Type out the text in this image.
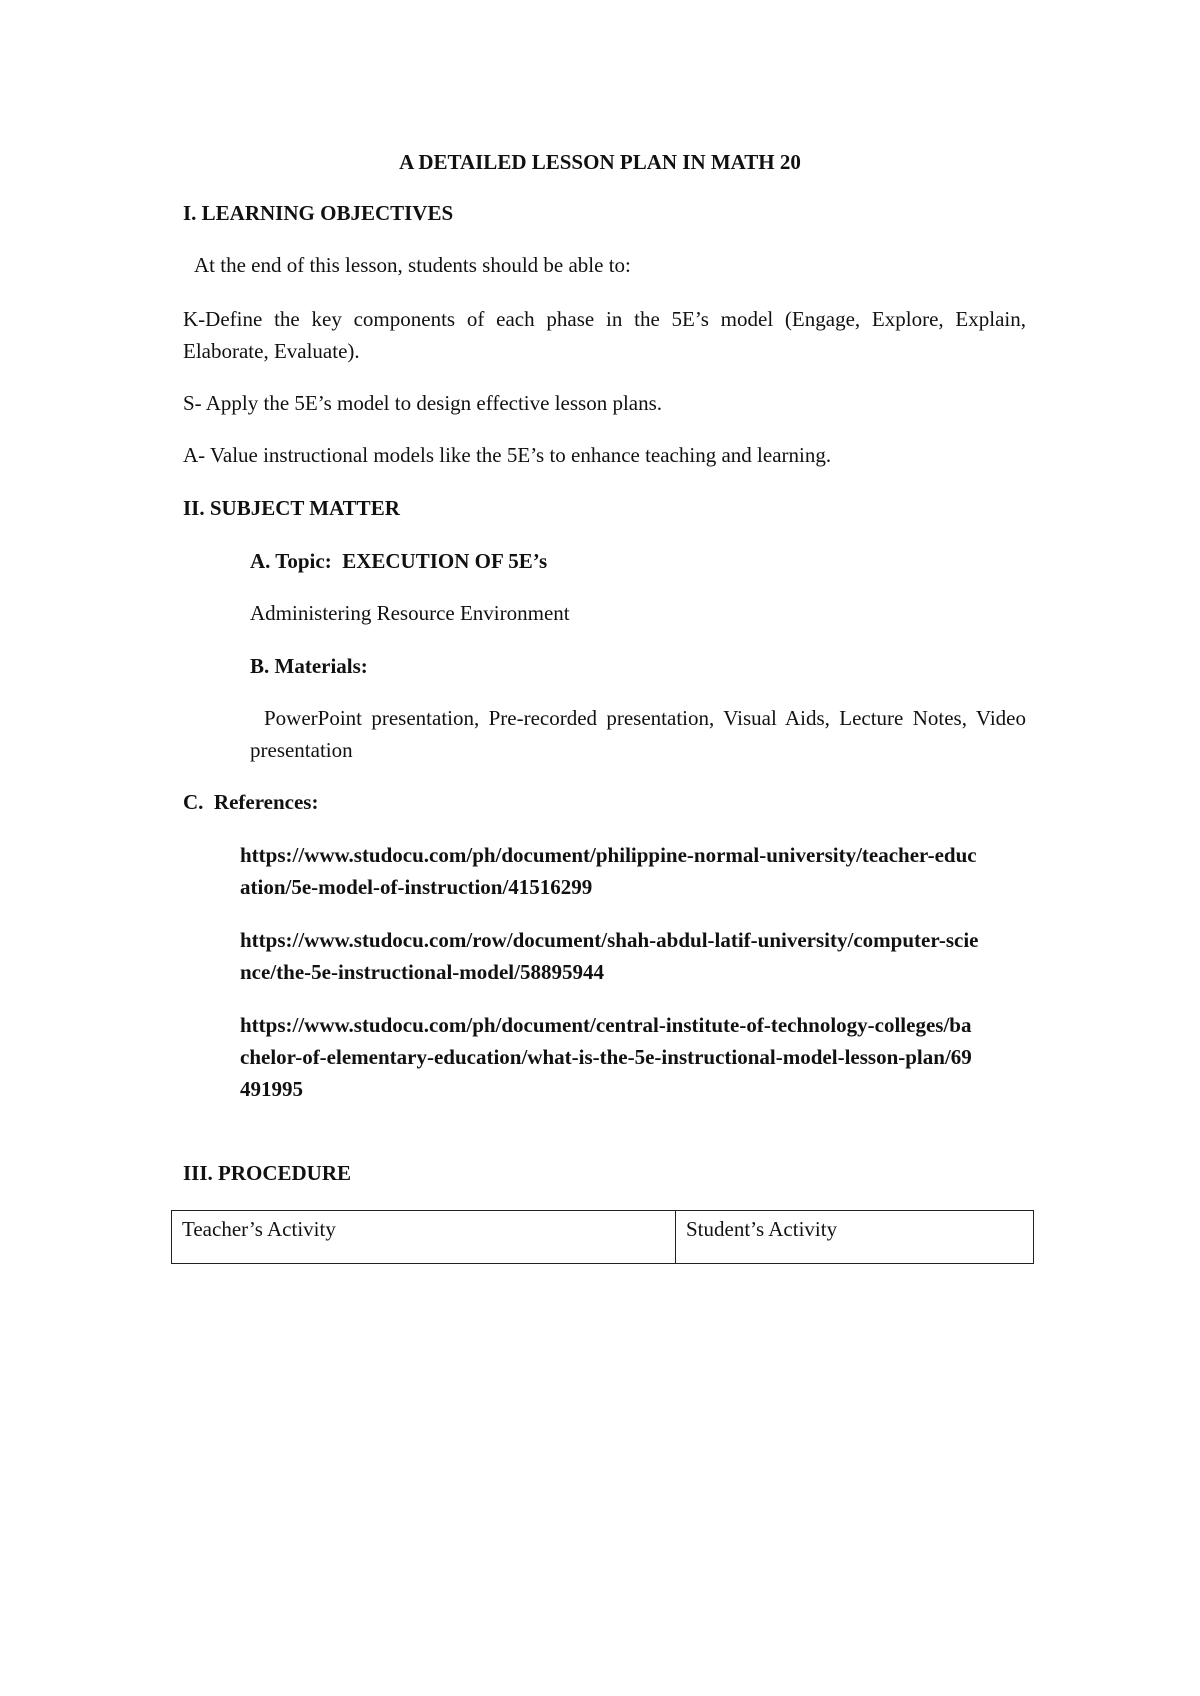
A DETAILED LESSON PLAN IN MATH 20
I. LEARNING OBJECTIVES
At the end of this lesson, students should be able to:
K-Define the key components of each phase in the 5E’s model (Engage, Explore, Explain, Elaborate, Evaluate).
S- Apply the 5E’s model to design effective lesson plans.
A- Value instructional models like the 5E’s to enhance teaching and learning.
II. SUBJECT MATTER
A. Topic:  EXECUTION OF 5E’s
Administering Resource Environment
B. Materials:
PowerPoint presentation, Pre-recorded presentation, Visual Aids, Lecture Notes, Video presentation
C.  References:
https://www.studocu.com/ph/document/philippine-normal-university/teacher-education/5e-model-of-instruction/41516299
https://www.studocu.com/row/document/shah-abdul-latif-university/computer-science/the-5e-instructional-model/58895944
https://www.studocu.com/ph/document/central-institute-of-technology-colleges/bachelor-of-elementary-education/what-is-the-5e-instructional-model-lesson-plan/69491995
III. PROCEDURE
Teacher’s Activity	Student’s Activity
